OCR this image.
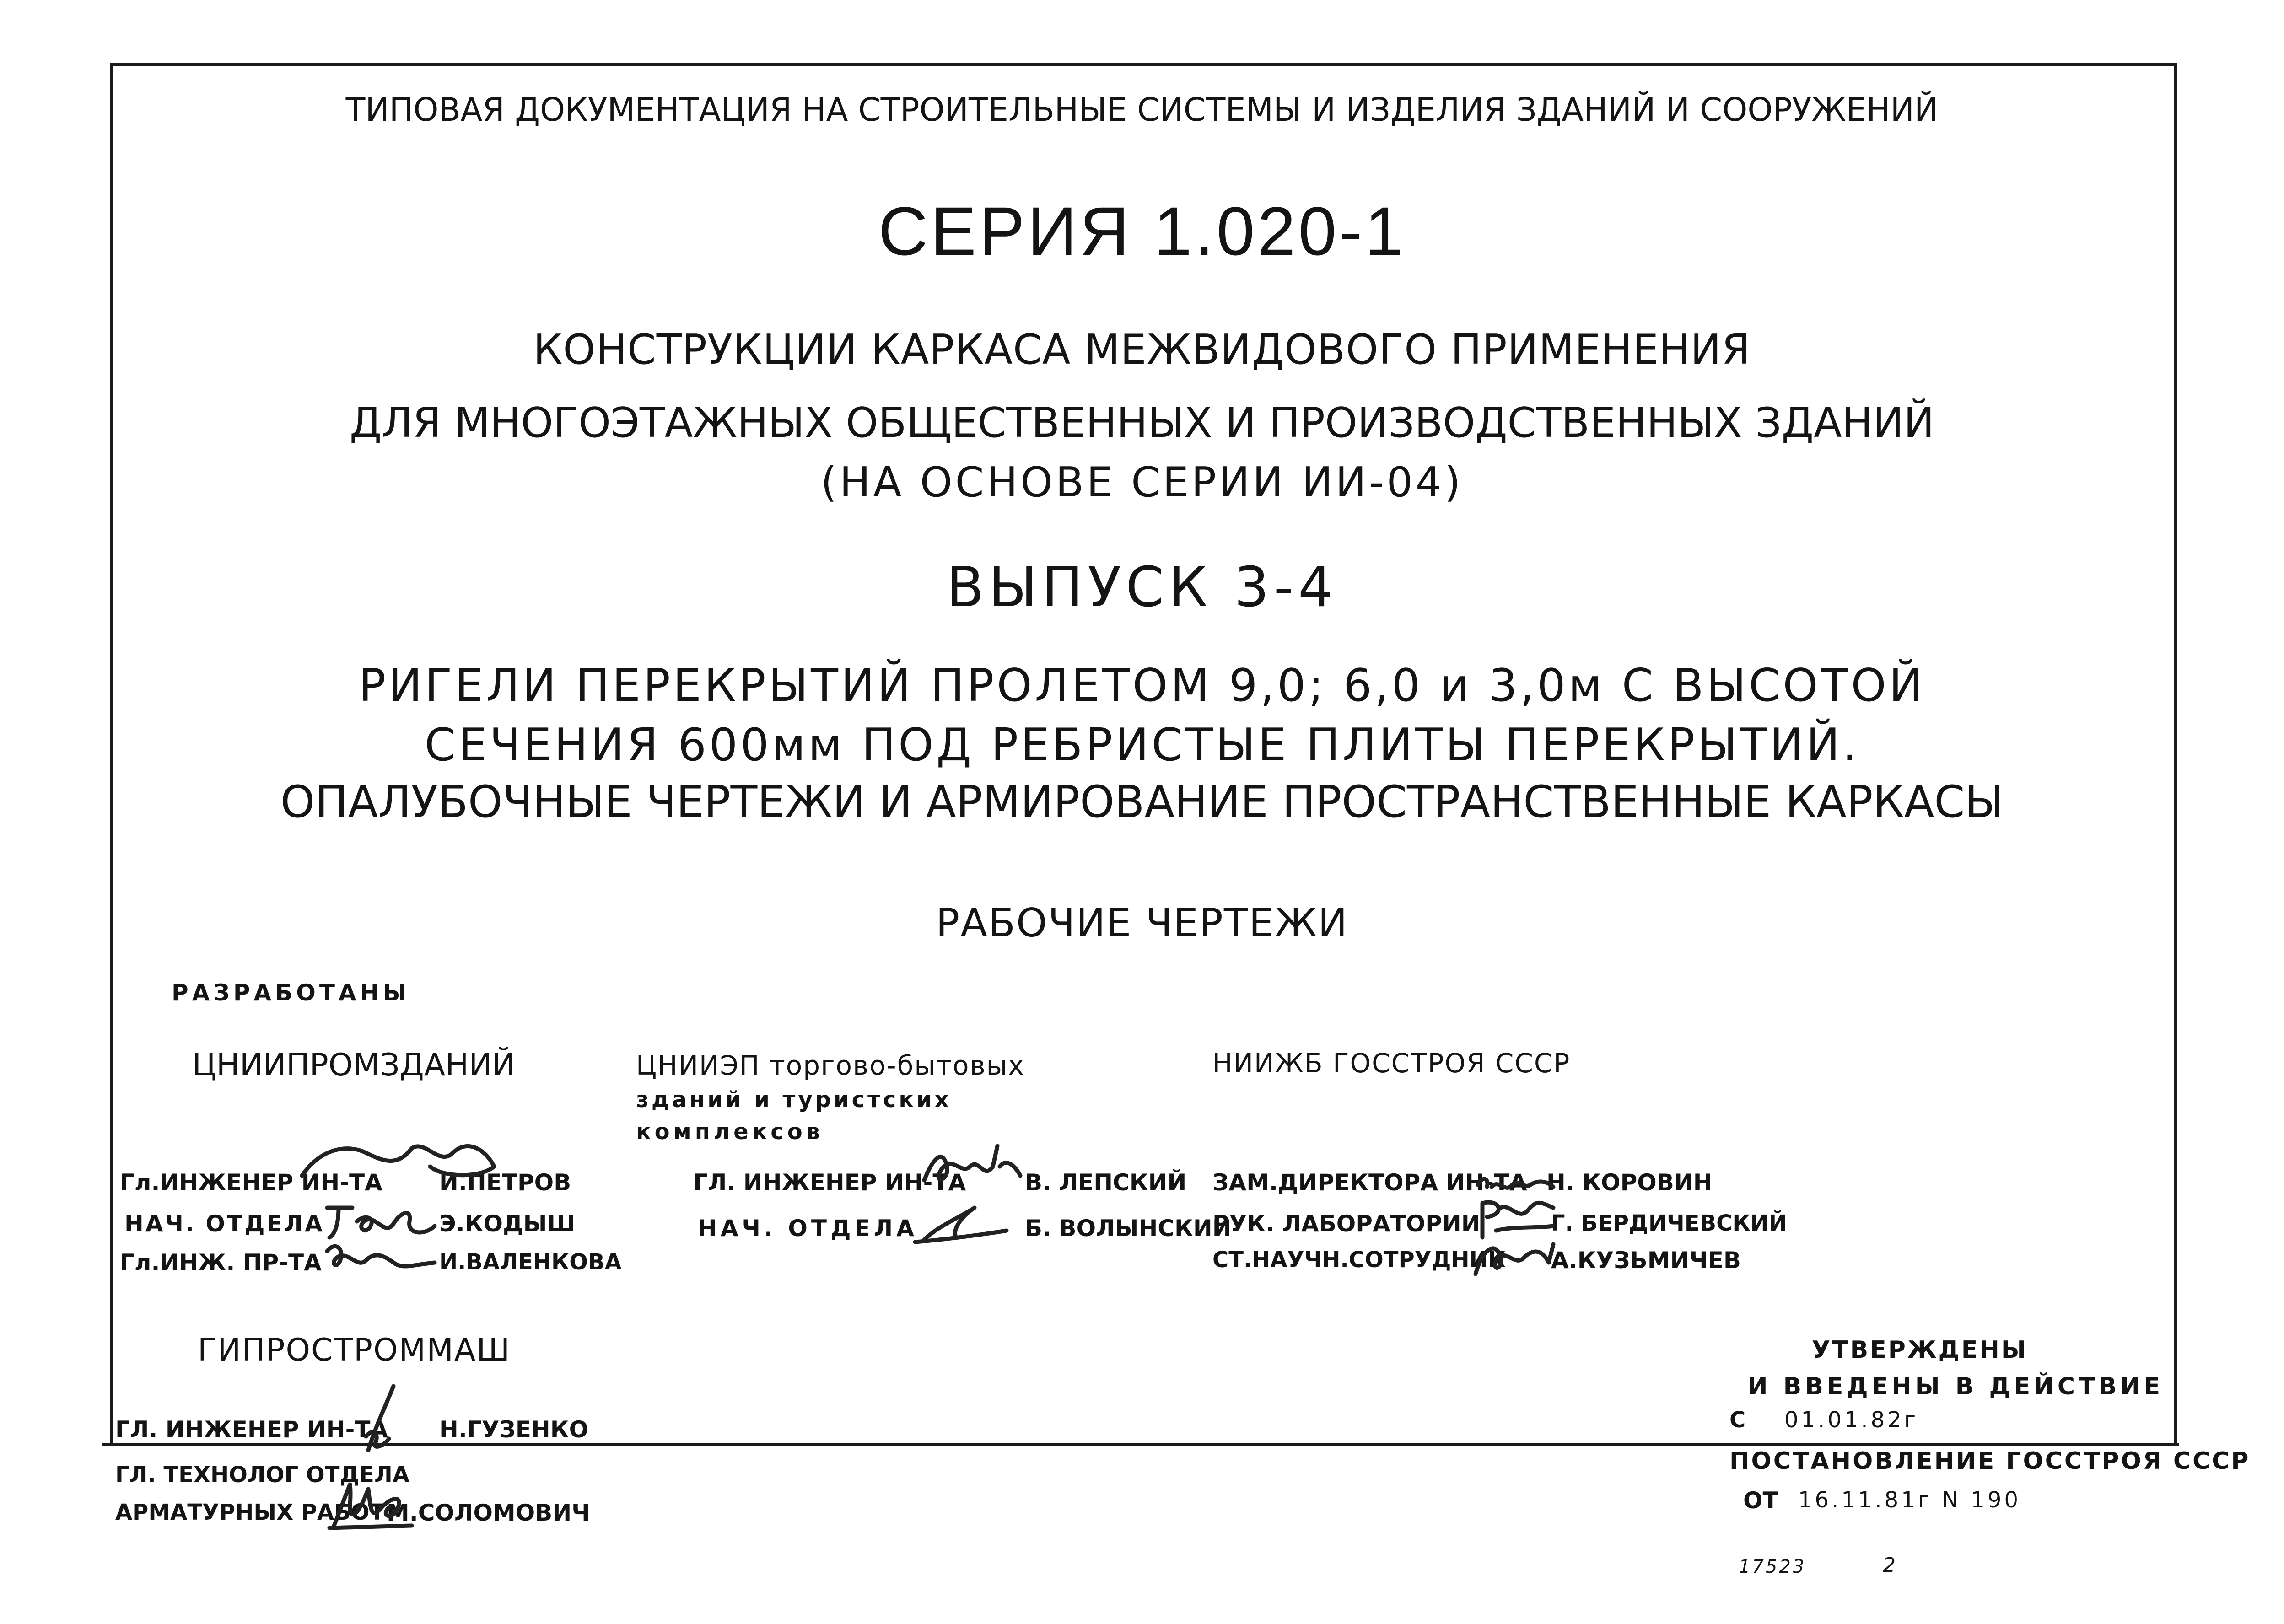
ТИПОВАЯ ДОКУМЕНТАЦИЯ НА СТРОИТЕЛЬНЫЕ СИСТЕМЫ И ИЗДЕЛИЯ ЗДАНИЙ И СООРУЖЕНИЙ
СЕРИЯ 1.020-1
КОНСТРУКЦИИ КАРКАСА МЕЖВИДОВОГО ПРИМЕНЕНИЯ
ДЛЯ МНОГОЭТАЖНЫХ ОБЩЕСТВЕННЫХ И ПРОИЗВОДСТВЕННЫХ ЗДАНИЙ
(НА ОСНОВЕ СЕРИИ ИИ-04)
ВЫПУСК 3-4
РИГЕЛИ ПЕРЕКРЫТИЙ ПРОЛЕТОМ 9,0; 6,0 и 3,0м С ВЫСОТОЙ
СЕЧЕНИЯ 600мм ПОД РЕБРИСТЫЕ ПЛИТЫ ПЕРЕКРЫТИЙ.
ОПАЛУБОЧНЫЕ ЧЕРТЕЖИ И АРМИРОВАНИЕ ПРОСТРАНСТВЕННЫЕ КАРКАСЫ
РАБОЧИЕ ЧЕРТЕЖИ
РАЗРАБОТАНЫ
ЦНИИПРОМЗДАНИЙ
Гл.ИНЖЕНЕР ИН-ТА И.ПЕТРОВ
НАЧ. ОТДЕЛА	Э.КОДЫШ
Гл.ИНЖ. ПР-ТА	И.ВАЛЕНКОВА
ЦНИИЭП торгово-бытовых
зданий и туристских
комплексов
ГЛ. ИНЖЕНЕР ИН-ТА	В. ЛЕПСКИЙ
НАЧ. ОТДЕЛА	Б. ВОЛЫНСКИЙ
НИИЖБ ГОССТРОЯ СССР
ЗАМ.ДИРЕКТОРА ИН-ТА Н. КОРОВИН
РУК. ЛАБОРАТОРИИ	Г. БЕРДИЧЕВСКИЙ
СТ.НАУЧН.СОТРУДНИК А.КУЗЬМИЧЕВ
ГИПРОСТРОММАШ
ГЛ. ИНЖЕНЕР ИН-ТА Н.ГУЗЕНКО
ГЛ. ТЕХНОЛОГ ОТДЕЛА
АРМАТУРНЫХ РАБОТ М.СОЛОМОВИЧ
УТВЕРЖДЕНЫ
И ВВЕДЕНЫ В ДЕЙСТВИЕ
С 01.01.82г
ПОСТАНОВЛЕНИЕ ГОССТРОЯ СССР
ОТ 16.11.81г N 190
17523	2
